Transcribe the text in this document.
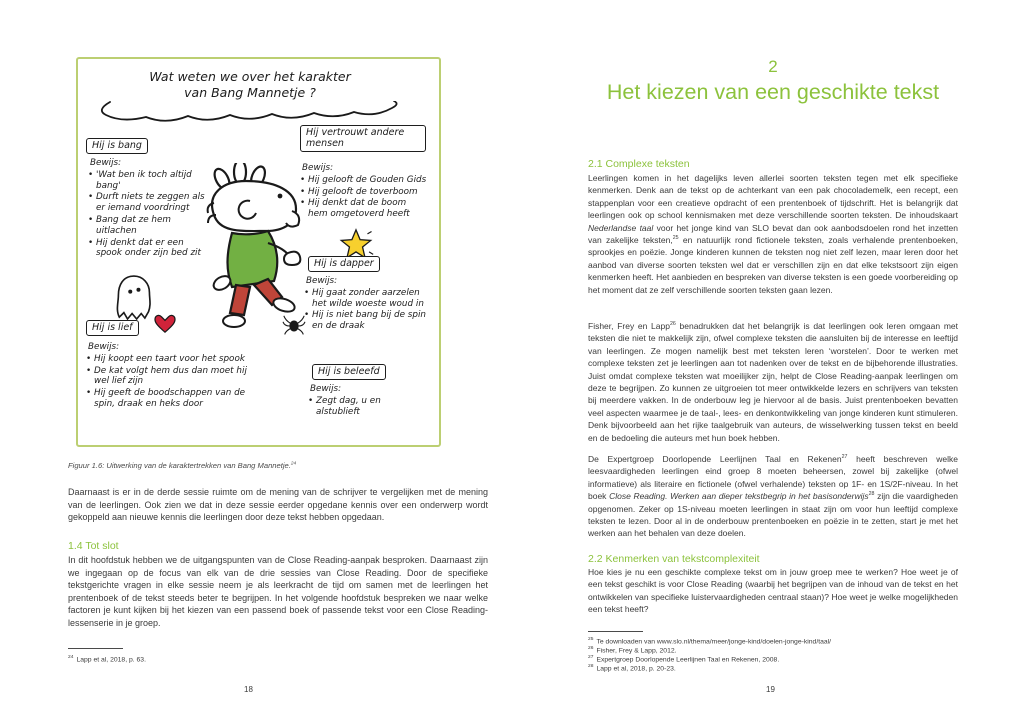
Wat weten we over het karakter
van Bang Mannetje ?
Hij is bang
Bewijs:
• 'Wat ben ik toch altijd bang'
• Durft niets te zeggen als er iemand voordringt
• Bang dat ze hem uitlachen
• Hij denkt dat er een spook onder zijn bed zit
Hij is lief
Bewijs:
• Hij koopt een taart voor het spook
• De kat volgt hem dus dan moet hij wel lief zijn
• Hij geeft de boodschappen van de spin, draak en heks door
Hij vertrouwt andere mensen
Bewijs:
• Hij gelooft de Gouden Gids
• Hij gelooft de toverboom
• Hij denkt dat de boom hem omgetoverd heeft
Hij is dapper
Bewijs:
• Hij gaat zonder aarzelen het wilde woeste woud in
• Hij is niet bang bij de spin en de draak
Hij is beleefd
Bewijs:
• Zegt dag, u en alstublieft

Figuur 1.6: Uitwerking van de karaktertrekken van Bang Mannetje.$^{24}$

Daarnaast is er in de derde sessie ruimte om de mening van de schrijver te vergelijken met de mening van de leerlingen. Ook zien we dat in deze sessie eerder opgedane kennis over een onderwerp wordt gekoppeld aan nieuwe kennis die leerlingen door deze tekst hebben opgedaan.

1.4 Tot slot

In dit hoofdstuk hebben we de uitgangspunten van de Close Reading-aanpak besproken. Daarnaast zijn we ingegaan op de focus van elk van de drie sessies van Close Reading. Door de specifieke tekstgerichte vragen in elke sessie neem je als leerkracht de tijd om samen met de leerlingen het prentenboek of de tekst steeds beter te begrijpen. In het volgende hoofdstuk bespreken we naar welke factoren je kunt kijken bij het kiezen van een passend boek of passende tekst voor een Close Reading-lessenserie in je groep.

$^{24}$ Lapp et al, 2018, p. 63.
18
2
Het kiezen van een geschikte tekst
2.1 Complexe teksten

Leerlingen komen in het dagelijks leven allerlei soorten teksten tegen met elk specifieke kenmerken. Denk aan de tekst op de achterkant van een pak chocolademelk, een recept, een stappenplan voor een creatieve opdracht of een prentenboek of tijdschrift. Het is belangrijk dat leerlingen ook op school kennismaken met deze verschillende soorten teksten. De inhoudskaart Nederlandse taal voor het jonge kind van SLO bevat dan ook aanbodsdoelen rond het inzetten van zakelijke teksten,$^{25}$ en natuurlijk rond fictionele teksten, zoals verhalende prentenboeken, sprookjes en poëzie. Jonge kinderen kunnen de teksten nog niet zelf lezen, maar leren door het aanbod van diverse soorten teksten wel dat er verschillen zijn en dat elke tekstsoort zijn eigen kenmerken heeft. Het aanbieden en bespreken van diverse teksten is een goede voorbereiding op het moment dat ze zelf verschillende soorten teksten gaan lezen.

Fisher, Frey en Lapp$^{26}$ benadrukken dat het belangrijk is dat leerlingen ook leren omgaan met teksten die niet te makkelijk zijn, ofwel complexe teksten die aansluiten bij de interesse en leeftijd van leerlingen. Ze mogen namelijk best met teksten leren ‘worstelen’. Door te werken met complexe teksten zet je leerlingen aan tot nadenken over de tekst en de bijbehorende illustraties. Juist omdat complexe teksten wat moeilijker zijn, helpt de Close Reading-aanpak leerlingen om deze te begrijpen. Zo kunnen ze uitgroeien tot meer ontwikkelde lezers en schrijvers van teksten bij meerdere vakken. In de onderbouw leg je hiervoor al de basis. Juist prentenboeken bevatten veel aspecten waarmee je de taal-, lees- en denkontwikkeling van jonge kinderen kunt stimuleren. Denk bijvoorbeeld aan het rijke taalgebruik van auteurs, de wisselwerking tussen tekst en beeld en de bedoeling die auteurs met hun boek hebben.

De Expertgroep Doorlopende Leerlijnen Taal en Rekenen$^{27}$ heeft beschreven welke leesvaardigheden leerlingen eind groep 8 moeten beheersen, zowel bij zakelijke (ofwel informatieve) als literaire en fictionele (ofwel verhalende) teksten op 1F- en 1S/2F-niveau. In het boek Close Reading. Werken aan dieper tekstbegrip in het basisonderwijs$^{28}$ zijn die vaardigheden opgenomen. Zeker op 1S-niveau moeten leerlingen in staat zijn om voor hun leeftijd complexe teksten te lezen. Door al in de onderbouw prentenboeken en poëzie in te zetten, start je met het werken aan het behalen van deze doelen.

2.2 Kenmerken van tekstcomplexiteit

Hoe kies je nu een geschikte complexe tekst om in jouw groep mee te werken? Hoe weet je of een tekst geschikt is voor Close Reading (waarbij het begrijpen van de inhoud van de tekst en het ontwikkelen van specifieke luistervaardigheden centraal staan)? Hoe weet je welke mogelijkheden een tekst heeft?

$^{25}$ Te downloaden van www.slo.nl/thema/meer/jonge-kind/doelen-jonge-kind/taal/
$^{26}$ Fisher, Frey & Lapp, 2012.
$^{27}$ Expertgroep Doorlopende Leerlijnen Taal en Rekenen, 2008.
$^{28}$ Lapp et al, 2018, p. 20-23.
19
